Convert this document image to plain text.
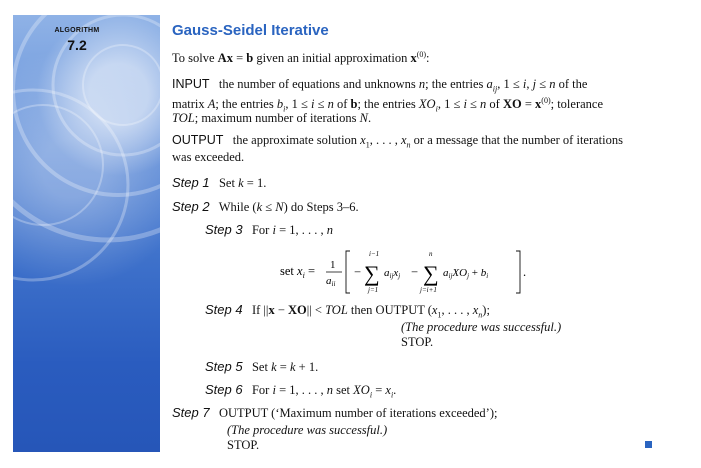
ALGORITHM
7.2
Gauss-Seidel Iterative
To solve Ax = b given an initial approximation $x^{(0)}$:
INPUT   the number of equations and unknowns n; the entries $a_{ij}$, 1 ≤ i, j ≤ n of the
matrix A; the entries $b_i$, 1 ≤ i ≤ n of b; the entries $XO_i$, 1 ≤ i ≤ n of XO = $x^{(0)}$; tolerance
TOL; maximum number of iterations N.
OUTPUT   the approximate solution $x_1$, . . . , $x_n$ or a message that the number of iterations
was exceeded.
Step 1   Set k = 1.
Step 2   While (k ≤ N) do Steps 3–6.
Step 3   For i = 1, . . . , n
set $x_i = 1$
aii
−
i−1
∑
j=1
aijxj −
n
∑
j=i+1
aijXOj + bi	.
Step 4   If ||x − XO|| < TOL then OUTPUT ($x_1$, . . . , $x_n$);
(The procedure was successful.)
STOP.
Step 5   Set k = k + 1.
Step 6   For i = 1, . . . , n set $XO_i = x_i$.
Step 7 OUTPUT (‘Maximum number of iterations exceeded’);
(The procedure was successful.)
STOP.
